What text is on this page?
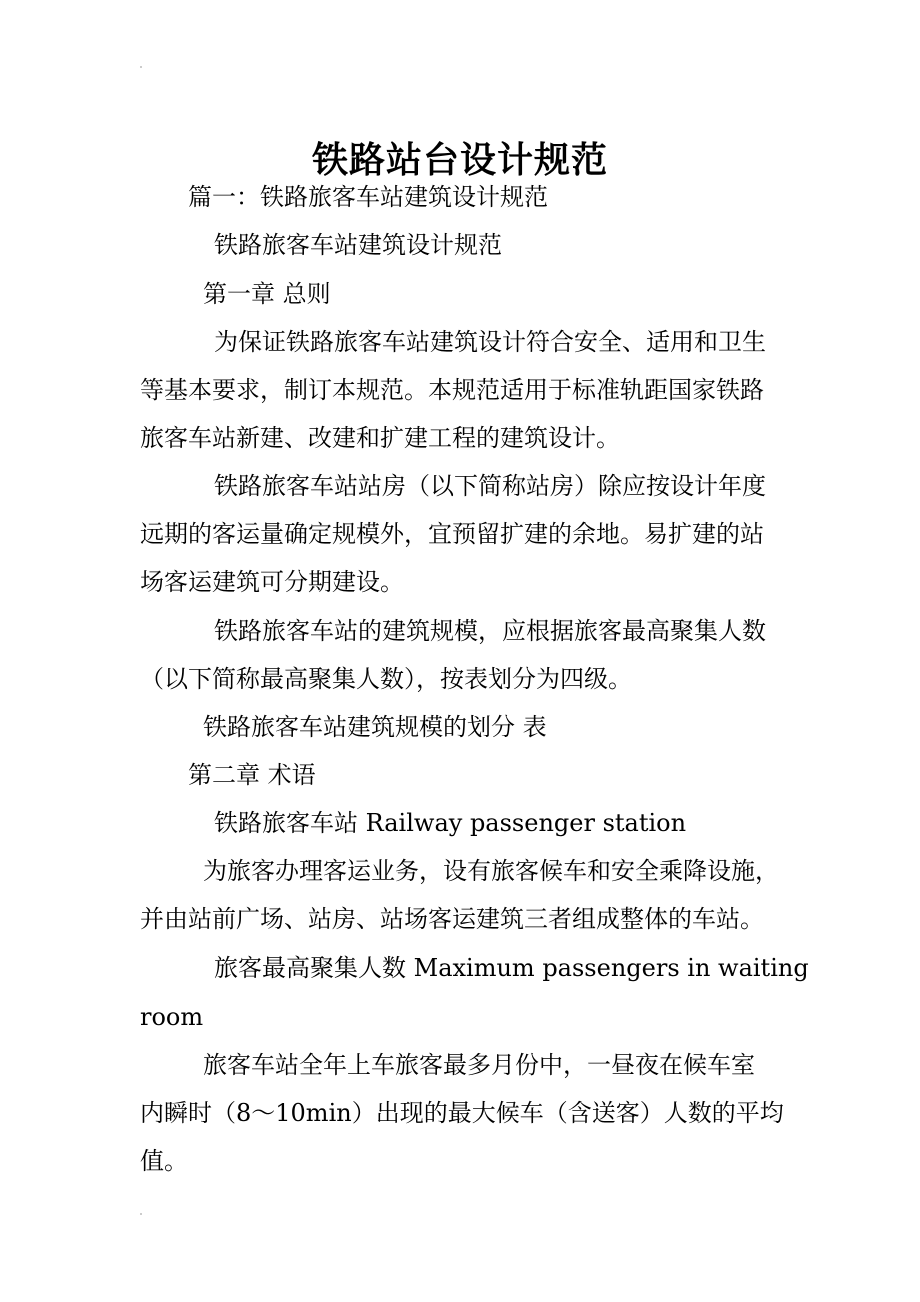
铁路站台设计规范

篇一：铁路旅客车站建筑设计规范

铁路旅客车站建筑设计规范

第一章 总则

为保证铁路旅客车站建筑设计符合安全、适用和卫生

等基本要求，制订本规范。本规范适用于标准轨距国家铁路

旅客车站新建、改建和扩建工程的建筑设计。

铁路旅客车站站房（以下简称站房）除应按设计年度

远期的客运量确定规模外，宜预留扩建的余地。易扩建的站

场客运建筑可分期建设。

铁路旅客车站的建筑规模，应根据旅客最高聚集人数

（以下简称最高聚集人数），按表划分为四级。

铁路旅客车站建筑规模的划分 表

第二章 术语

铁路旅客车站 Railway passenger station

为旅客办理客运业务，设有旅客候车和安全乘降设施，

并由站前广场、站房、站场客运建筑三者组成整体的车站。

旅客最高聚集人数 Maximum passengers in waiting

room

旅客车站全年上车旅客最多月份中，一昼夜在候车室

内瞬时（8～10min）出现的最大候车（含送客）人数的平均

值。
